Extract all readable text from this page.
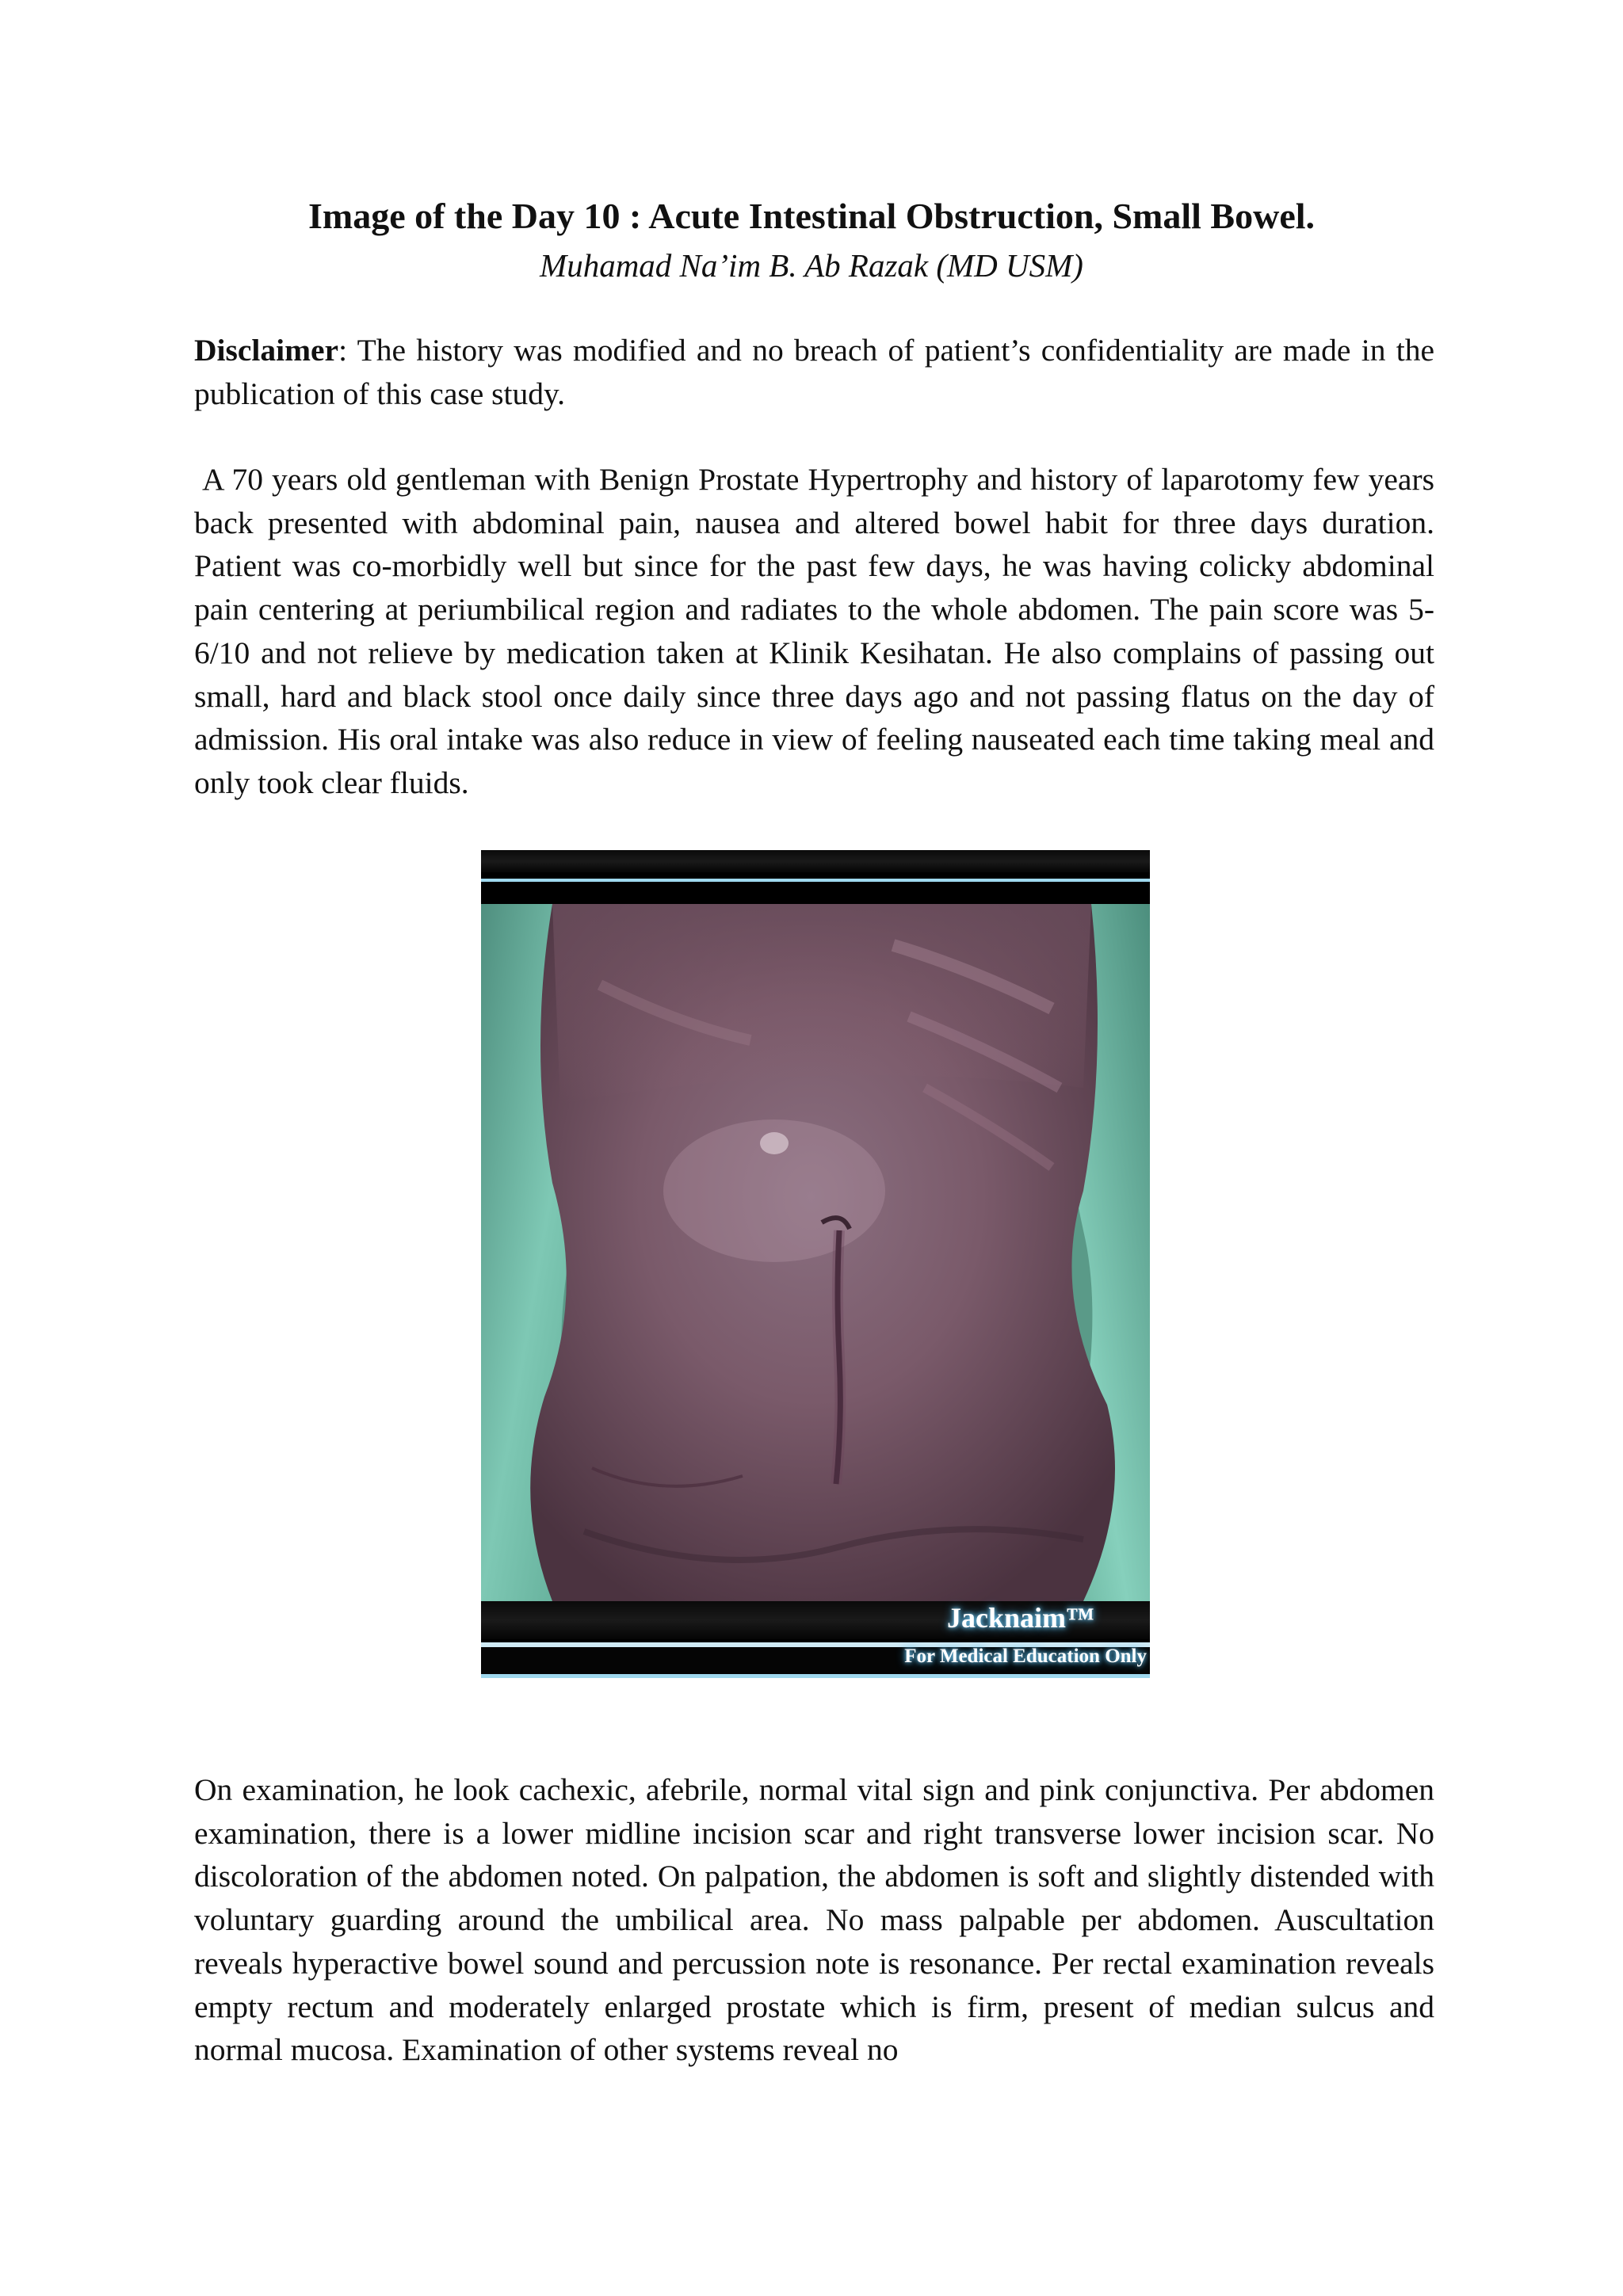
Image of the Day 10 : Acute Intestinal Obstruction, Small Bowel.

Muhamad Na’im B. Ab Razak (MD USM)

Disclaimer: The history was modified and no breach of patient’s confidentiality are made in the publication of this case study.

A 70 years old gentleman with Benign Prostate Hypertrophy and history of laparotomy few years back presented with abdominal pain, nausea and altered bowel habit for three days duration. Patient was co-morbidly well but since for the past few days, he was having colicky abdominal pain centering at periumbilical region and radiates to the whole abdomen. The pain score was 5-6/10 and not relieve by medication taken at Klinik Kesihatan. He also complains of passing out small, hard and black stool once daily since three days ago and not passing flatus on the day of admission. His oral intake was also reduce in view of feeling nauseated each time taking meal and only took clear fluids.

Jacknaim™
For Medical Education Only

On examination, he look cachexic, afebrile, normal vital sign and pink conjunctiva. Per abdomen examination, there is a lower midline incision scar and right transverse lower incision scar. No discoloration of the abdomen noted. On palpation, the abdomen is soft and slightly distended with voluntary guarding around the umbilical area. No mass palpable per abdomen. Auscultation reveals hyperactive bowel sound and percussion note is resonance. Per rectal examination reveals empty rectum and moderately enlarged prostate which is firm, present of median sulcus and normal mucosa. Examination of other systems reveal no
